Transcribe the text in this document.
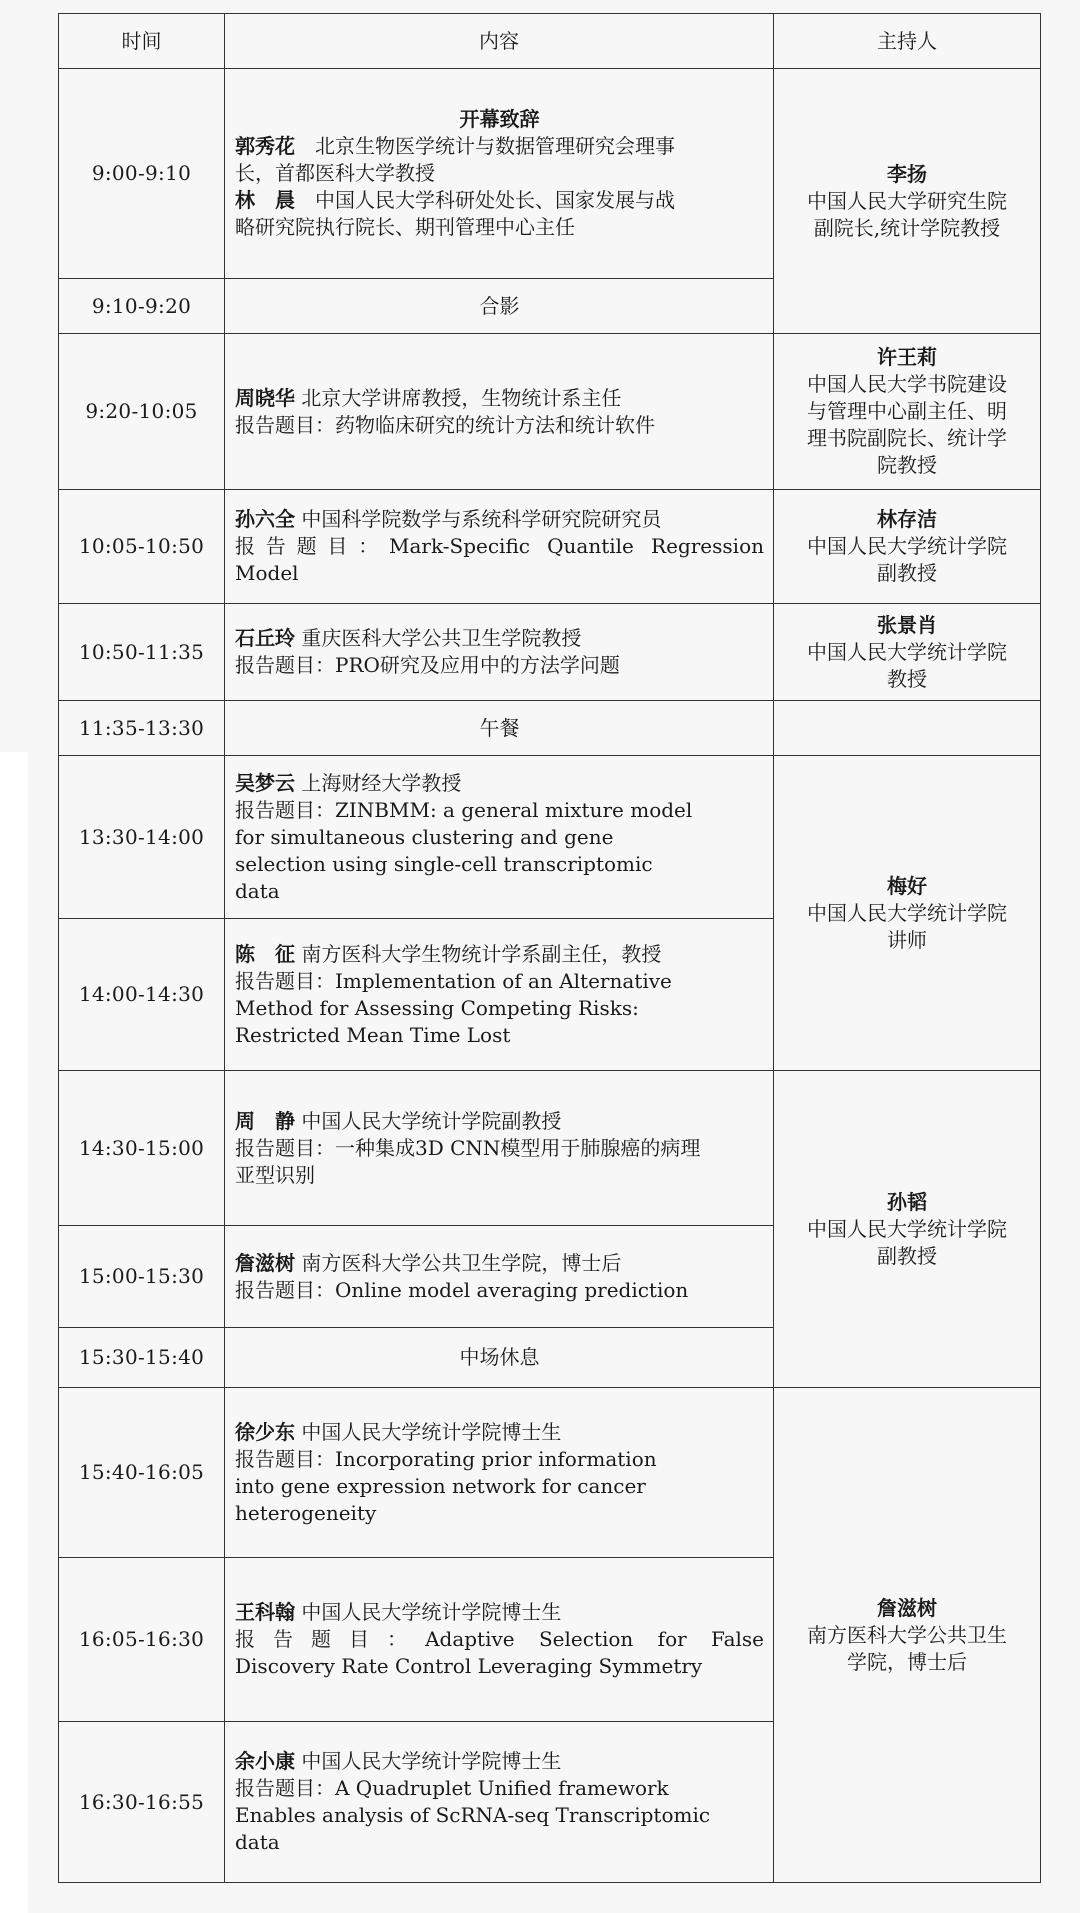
时间	内容	主持人
9:00-9:10	开幕致辞
郭秀花　 北京生物医学统计与数据管理研究会理事
长，首都医科大学教授
林　晨　 中国人民大学科研处处长、国家发展与战
略研究院执行院长、期刊管理中心主任	李扬
中国人民大学研究生院
副院长,统计学院教授

9:10-9:20	合影	
9:20-10:05	周晓华 北京大学讲席教授，生物统计系主任
报告题目：药物临床研究的统计方法和统计软件	许王莉
中国人民大学书院建设
与管理中心副主任、明
理书院副院长、统计学
院教授

10:05-10:50	孙六全 中国科学院数学与系统科学研究院研究员
报告题目：Mark-Specific Quantile Regression
Model	林存洁
中国人民大学统计学院
副教授

10:50-11:35	石丘玲 重庆医科大学公共卫生学院教授
报告题目：PRO研究及应用中的方法学问题	张景肖
中国人民大学统计学院
教授

11:35-13:30	午餐	
13:30-14:00	吴梦云 上海财经大学教授
报告题目：ZINBMM: a general mixture model
for simultaneous clustering and gene
selection using single-cell transcriptomic
data	梅好
中国人民大学统计学院
讲师

14:00-14:30	陈　征 南方医科大学生物统计学系副主任，教授
报告题目：Implementation of an Alternative
Method for Assessing Competing Risks:
Restricted Mean Time Lost	

14:30-15:00	周　静 中国人民大学统计学院副教授
报告题目：一种集成3D CNN模型用于肺腺癌的病理
亚型识别	孙韬
中国人民大学统计学院
副教授

15:00-15:30	詹滋树 南方医科大学公共卫生学院，博士后
报告题目：Online model averaging prediction	

15:30-15:40	中场休息	
15:40-16:05	徐少东 中国人民大学统计学院博士生
报告题目：Incorporating prior information
into gene expression network for cancer
heterogeneity	詹滋树
南方医科大学公共卫生
学院，博士后

16:05-16:30	王科翰 中国人民大学统计学院博士生
报告题目：Adaptive Selection for False
Discovery Rate Control Leveraging Symmetry	

16:30-16:55	余小康 中国人民大学统计学院博士生
报告题目：A Quadruplet Unified framework
Enables analysis of ScRNA-seq Transcriptomic
data	
